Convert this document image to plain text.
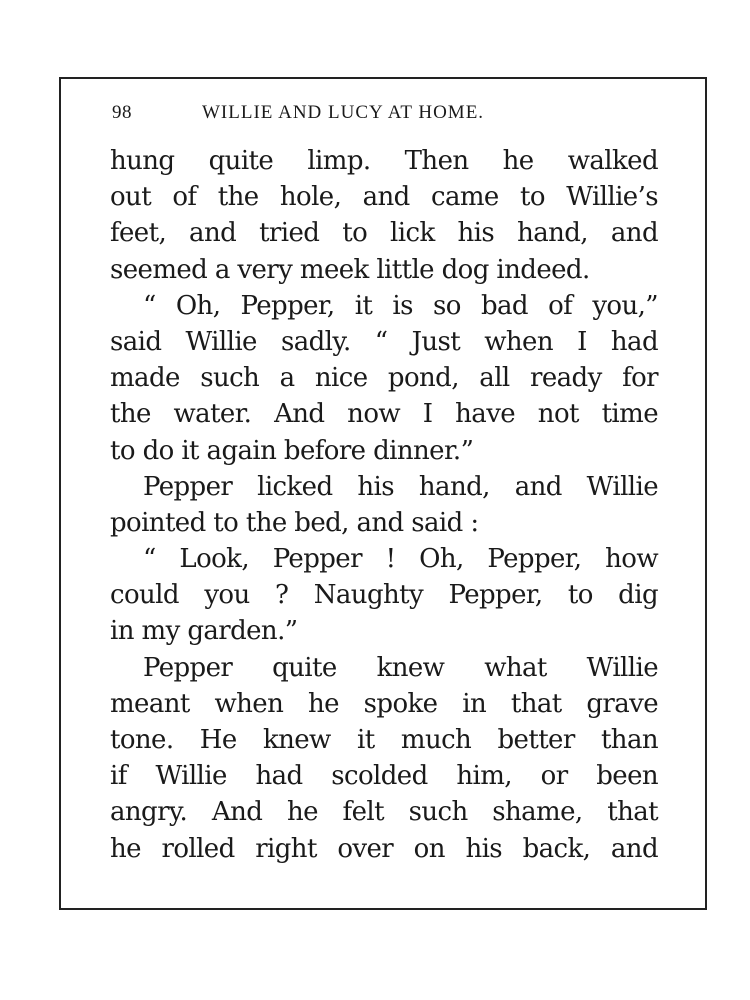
98	WILLIE AND LUCY AT HOME.
hung quite limp. Then he walked
out of the hole, and came to Willie’s
feet, and tried to lick his hand, and
seemed a very meek little dog indeed.
“ Oh, Pepper, it is so bad of you,”
said Willie sadly. “ Just when I had
made such a nice pond, all ready for
the water. And now I have not time
to do it again before dinner.”
Pepper licked his hand, and Willie
pointed to the bed, and said :
“ Look, Pepper ! Oh, Pepper, how
could you ? Naughty Pepper, to dig
in my garden.”
Pepper quite knew what Willie
meant when he spoke in that grave
tone. He knew it much better than
if Willie had scolded him, or been
angry. And he felt such shame, that
he rolled right over on his back, and
